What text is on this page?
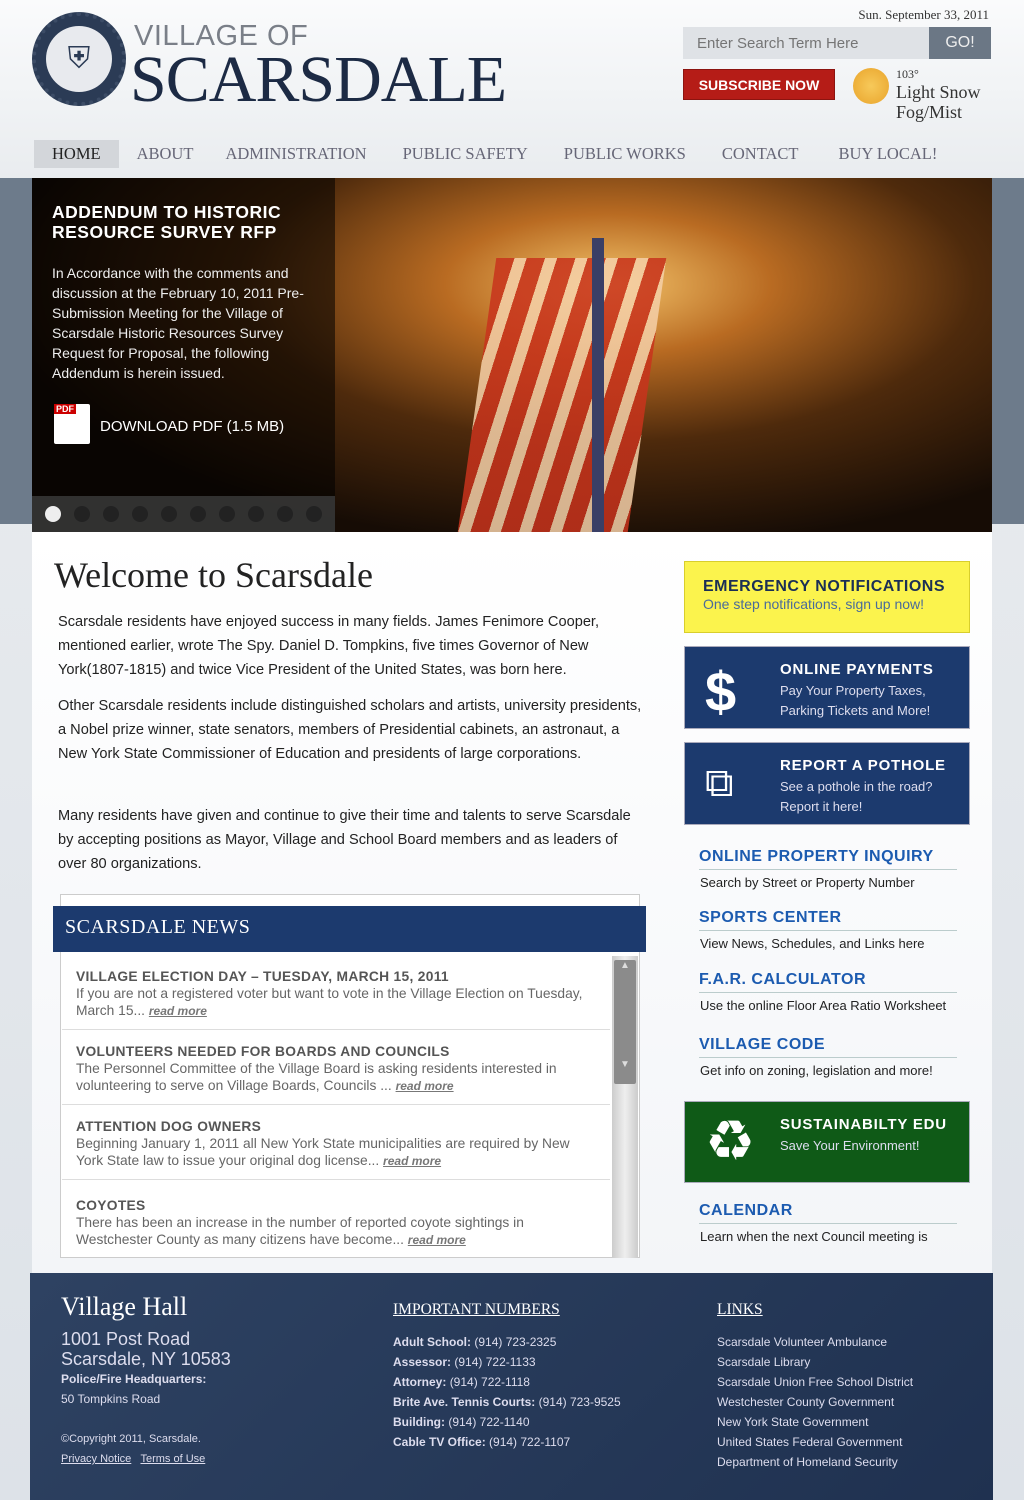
Sun. September 33, 2011
⛨
VILLAGE OF
SCARSDALE
Enter Search Term Here
GO!
SUBSCRIBE NOW
103°
Light Snow
Fog/Mist
HOME	ABOUT	ADMINISTRATION	PUBLIC SAFETY	PUBLIC WORKS	CONTACT	BUY LOCAL!
ADDENDUM TO HISTORIC RESOURCE SURVEY RFP
In Accordance with the comments and discussion at the February 10, 2011 Pre-Submission Meeting for the Village of Scarsdale Historic Resources Survey Request for Proposal, the following Addendum is herein issued.
PDF
DOWNLOAD PDF (1.5 MB)
Welcome to Scarsdale

Scarsdale residents have enjoyed success in many fields. James Fenimore Cooper, mentioned earlier, wrote The Spy. Daniel D. Tompkins, five times Governor of New York(1807-1815) and twice Vice President of the United States, was born here.

Other Scarsdale residents include distinguished scholars and artists, university presidents, a Nobel prize winner, state senators, members of Presidential cabinets, an astronaut, a New York State Commissioner of Education and presidents of large corporations.

Many residents have given and continue to give their time and talents to serve Scarsdale by accepting positions as Mayor, Village and School Board members and as leaders of over 80 organizations.

SCARSDALE NEWS
VILLAGE ELECTION DAY – TUESDAY, MARCH 15, 2011
If you are not a registered voter but want to vote in the Village Election on Tuesday, March 15... read more
VOLUNTEERS NEEDED FOR BOARDS AND COUNCILS
The Personnel Committee of the Village Board is asking residents interested in volunteering to serve on Village Boards, Councils ... read more
ATTENTION DOG OWNERS
Beginning January 1, 2011 all New York State municipalities are required by New York State law to issue your original dog license... read more
COYOTES
There has been an increase in the number of reported coyote sightings in Westchester County as many citizens have become... read more
▲
▼
EMERGENCY NOTIFICATIONS
One step notifications, sign up now!
$	ONLINE PAYMENTS
Pay Your Property Taxes, Parking Tickets and More!
⧉	REPORT A POTHOLE
See a pothole in the road? Report it here!
ONLINE PROPERTY INQUIRY
Search by Street or Property Number
SPORTS CENTER
View News, Schedules, and Links here
F.A.R. CALCULATOR
Use the online Floor Area Ratio Worksheet
VILLAGE CODE
Get info on zoning, legislation and more!
♻ SUSTAINABILTY EDU
Save Your Environment!
CALENDAR
Learn when the next Council meeting is
Village Hall
1001 Post Road
Scarsdale, NY 10583
Police/Fire Headquarters:
50 Tompkins Road
©Copyright 2011, Scarsdale.
Privacy Notice Terms of Use
IMPORTANT NUMBERS
Adult School: (914) 723-2325
Assessor: (914) 722-1133
Attorney: (914) 722-1118
Brite Ave. Tennis Courts: (914) 723-9525
Building: (914) 722-1140
Cable TV Office: (914) 722-1107
LINKS
Scarsdale Volunteer Ambulance
Scarsdale Library
Scarsdale Union Free School District
Westchester County Government
New York State Government
United States Federal Government
Department of Homeland Security
